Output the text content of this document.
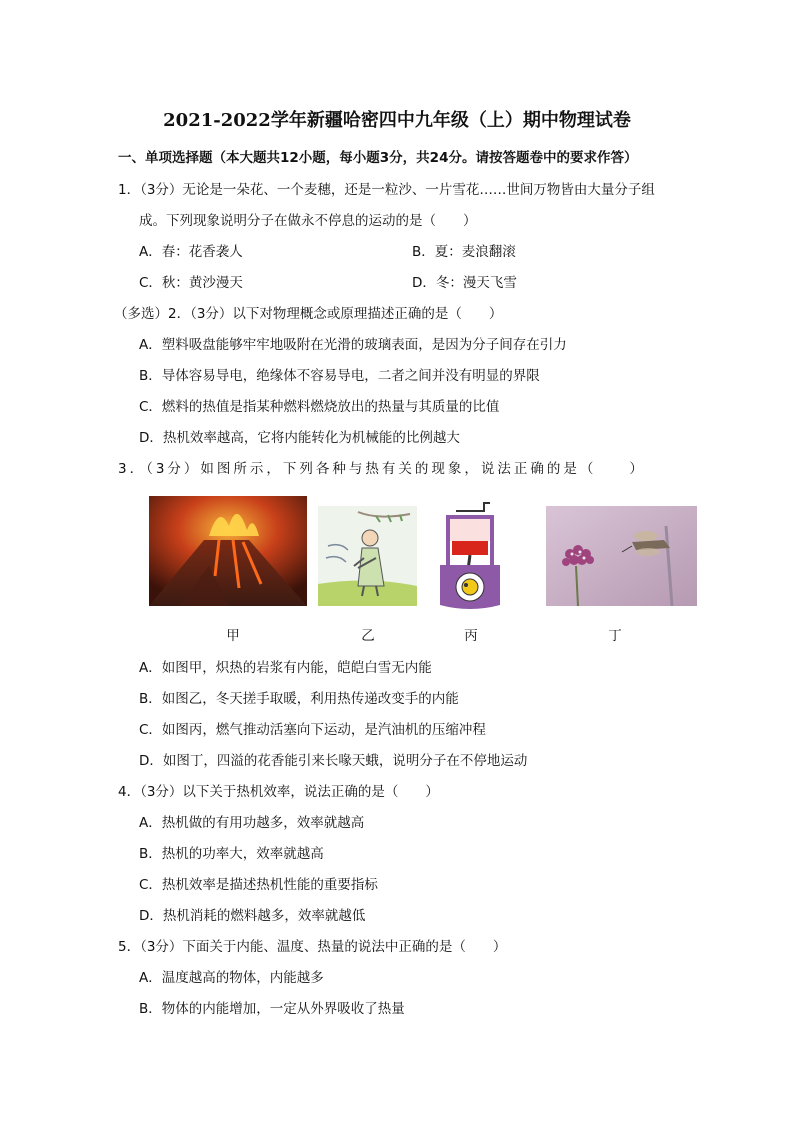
2021-2022学年新疆哈密四中九年级（上）期中物理试卷
一、单项选择题（本大题共12小题，每小题3分，共24分。请按答题卷中的要求作答）
1．（3分）无论是一朵花、一个麦穗，还是一粒沙、一片雪花……世间万物皆由大量分子组
成。下列现象说明分子在做永不停息的运动的是（　　）
A．春：花香袭人	B．夏：麦浪翻滚
C．秋：黄沙漫天	D．冬：漫天飞雪
（多选）2．（3分）以下对物理概念或原理描述正确的是（　　）
A．塑料吸盘能够牢牢地吸附在光滑的玻璃表面，是因为分子间存在引力
B．导体容易导电，绝缘体不容易导电，二者之间并没有明显的界限
C．燃料的热值是指某种燃料燃烧放出的热量与其质量的比值
D．热机效率越高，它将内能转化为机械能的比例越大
3．（3分）如图所示，下列各种与热有关的现象，说法正确的是（　　）
甲	乙	丙	丁
A．如图甲，炽热的岩浆有内能，皑皑白雪无内能
B．如图乙，冬天搓手取暖，利用热传递改变手的内能
C．如图丙，燃气推动活塞向下运动，是汽油机的压缩冲程
D．如图丁，四溢的花香能引来长喙天蛾，说明分子在不停地运动
4．（3分）以下关于热机效率，说法正确的是（　　）
A．热机做的有用功越多，效率就越高
B．热机的功率大，效率就越高
C．热机效率是描述热机性能的重要指标
D．热机消耗的燃料越多，效率就越低
5．（3分）下面关于内能、温度、热量的说法中正确的是（　　）
A．温度越高的物体，内能越多
B．物体的内能增加，一定从外界吸收了热量
